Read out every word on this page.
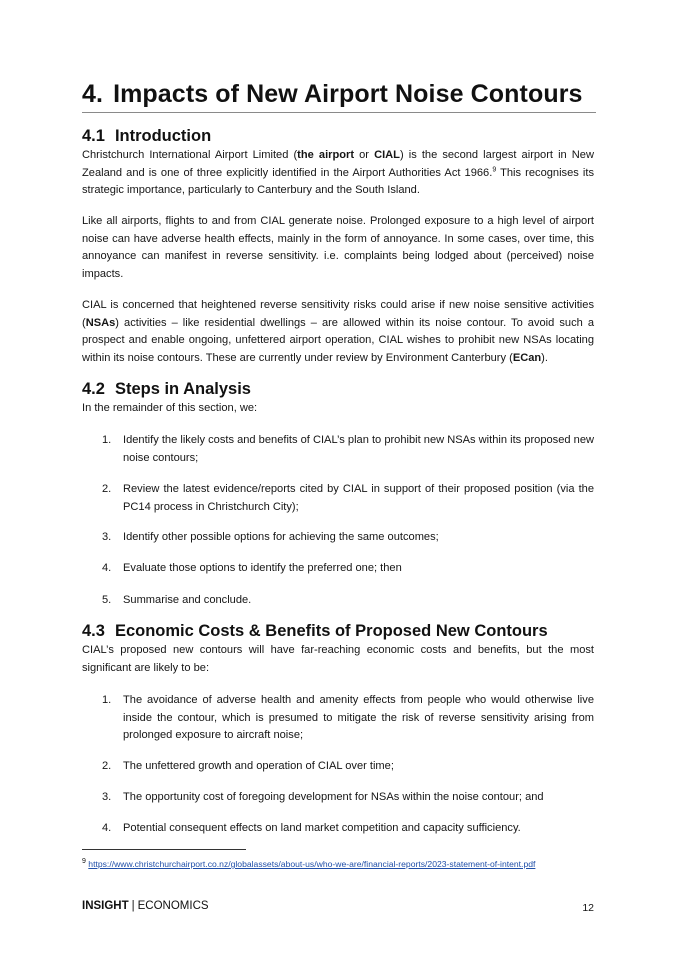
4. Impacts of New Airport Noise Contours
4.1 Introduction
Christchurch International Airport Limited (the airport or CIAL) is the second largest airport in New Zealand and is one of three explicitly identified in the Airport Authorities Act 1966.$^9$ This recognises its strategic importance, particularly to Canterbury and the South Island.
Like all airports, flights to and from CIAL generate noise. Prolonged exposure to a high level of airport noise can have adverse health effects, mainly in the form of annoyance. In some cases, over time, this annoyance can manifest in reverse sensitivity. i.e. complaints being lodged about (perceived) noise impacts.
CIAL is concerned that heightened reverse sensitivity risks could arise if new noise sensitive activities (NSAs) activities – like residential dwellings – are allowed within its noise contour. To avoid such a prospect and enable ongoing, unfettered airport operation, CIAL wishes to prohibit new NSAs locating within its noise contours. These are currently under review by Environment Canterbury (ECan).
4.2 Steps in Analysis
In the remainder of this section, we:
1. Identify the likely costs and benefits of CIAL’s plan to prohibit new NSAs within its proposed new noise contours;
2. Review the latest evidence/reports cited by CIAL in support of their proposed position (via the PC14 process in Christchurch City);
3. Identify other possible options for achieving the same outcomes;
4. Evaluate those options to identify the preferred one; then
5. Summarise and conclude.
4.3 Economic Costs & Benefits of Proposed New Contours
CIAL’s proposed new contours will have far-reaching economic costs and benefits, but the most significant are likely to be:
1. The avoidance of adverse health and amenity effects from people who would otherwise live inside the contour, which is presumed to mitigate the risk of reverse sensitivity arising from prolonged exposure to aircraft noise;
2. The unfettered growth and operation of CIAL over time;
3. The opportunity cost of foregoing development for NSAs within the noise contour; and
4. Potential consequent effects on land market competition and capacity sufficiency.
$^9$ https://www.christchurchairport.co.nz/globalassets/about-us/who-we-are/financial-reports/2023-statement-of-intent.pdf
INSIGHT | ECONOMICS	12
